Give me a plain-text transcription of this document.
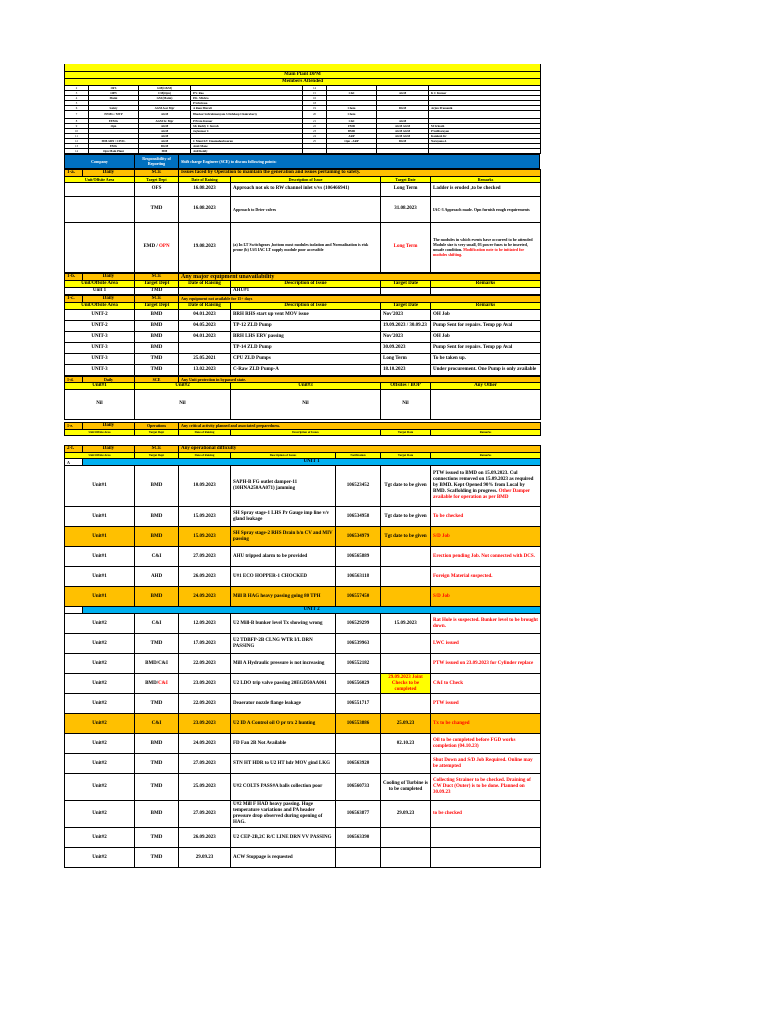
29-Sep-23

Main Plant DPM							
Members Attended							
2	OFS	GM(O&M)		14			
3	OPN	CM(Opn)	P.V. Rao	15	C&I	AGM	K C Kumar
4	Maint	GM (Maint)	P.K. Mishra	16			
5			P Srinivasa	18			
6	Safety	AGM Asst Mgr	A Ram Murali	19	Chem	DGM	Arjun Pramanik
7	EEMG / MTP	AGM	Bhaskar Subrahmanyam S Debdeep Chakraborty	20	Chem		
8	EEMG	AGM Sr. Mgr	P Prem Kumar	21	C&I	AGM	
9	Opn	AGM	SK Reddy C Suresh	22	FMD	AGM AGM	M Srinath
10		AGM	Jaykumar C	23	BMD	AGM AGM	P Subbarayan
11		AGM		24	ARP	AGM AGM	Kamlesh Kr
12	MM-SDN / CIVIL	AGM	C Mani KV Umamaheshwaran	25	Opn - ARP	DGM	Narayana A
13	EMG	DGM	Amit Mane				
14	Opn Main Plant	MM	Anil Reddy				
Company	Responsibility of Reporting	Shift charge Engineer (SCE) to discuss following points:
1-a.	Daily	SCE	Issues faced by Operation to maintain the generation and issues pertaining to safety.			
Unit/Offsite Area		Target Dept	Date of Raising	Description of Issue	Target Date	Remarks
		OFS	16.08.2023	Approach not ok to RW channel inlet v/vs (106466941)	Long Term	Ladder is eroded ,to be checked
		TMD	16.08.2023	Approach to Drier valves	31.08.2023	IAC-3 Approach made. Opn furnish rough requirements
		EMD / OPN	19.08.2023	(a) In LT Switchgears ,bottom most modules isolation and Normalisation is risk prone (b) U#3 IAC LT supply module poor accessible	Long Term	The modules in which events have occurred to be attended Module size is very small, 03 power fuses to be inserted, unsafe condition. Modification note to be initiated for modules shifting.
1-b.	Daily	SCE	Any major equipment unavailability			
Unit/Offsite Area		Target Dept	Date of Raising	Description of Issue	Target Date	Remarks
Unit 1		TMD		AHU#1		
1-c.	Daily	SCE	Any equipment not available for 15+ days			
Unit/Offsite Area		Target Dept	Date of Raising	Description of Issue	Target Date	Remarks
UNIT-2		BMD	04.01.2023	BRH RHS start up vent MOV issue	Nov'2023	OH Job
UNIT-2		BMD	04.05.2023	TP-12 ZLD Pump	19.09.2023 / 30.09.23	Pump Sent for repairs. Temp pp Aval
UNIT-3		BMD	04.01.2023	BRH LHS ERV passing	Nov'2023	OH Job
UNIT-3		BMD		TP-14 ZLD Pump	30.09.2023	Pump Sent for repairs. Temp pp Aval
UNIT-3		TMD	25.05.2021	CPU ZLD Pumps	Long Term	To be taken up.
UNIT-3		TMD	13.02.2023	C-Raw ZLD Pump-A	18.10.2023	Under procurement. One Pump is only available
1-d.	Daily	SCE	Any Unit protection in bypassed state.			
Unit#1		Unit#2		Unit#3	Offsites / BOP	Any Other
Nil		Nil		Nil	Nil	

1-e.	Daily	Operations	Any critical activity planned and associated preparedness.			
Unit/Offsite Area		Target Dept	Date of Raising	Description of Issues	Target Date	Remarks

2-f.	Daily	SCE	Any operational difficulty				
Unit/Offsite Area		Target Dept	Date of Raising	Description of Issues	Notification	Target Date	Remarks
A	UNIT 1						
Unit#1		BMD	10.09.2023	SAPH-B FG outlet damper-11 (10HNA250AA071) jamming	106523452	Tgt date to be given	PTW issued to BMD on 15.09.2023. Cul connections removed on 15.09.2023 as required by BMD. Kept Opened 90% from Local by BMD. Scaffolding in progress. Other Damper available for operation as per BMD
Unit#1		BMD	15.09.2023	SH Spray stage-1 LHS Pr Gauge imp line v/v gland leakage	106534958	Tgt date to be given	To be checked
Unit#1		BMD	15.09.2023	SH Spray stage-2 RHS Drain b/n CV and MIV passing	106534979	Tgt date to be given	S/D Job
Unit#1		C&I	27.09.2023	AHU tripped alarm to be provided	106565889		Erection pending Job. Not connected with DCS.
Unit#1		AHD	26.09.2023	U#1 ECO HOPPER-1 CHOCKED	106563118		Foreign Material suspected.
Unit#1		BMD	24.09.2023	Mill B HAG heavy passing going 80 TPH	106557450		S/D Job
	UNIT 2						
Unit#2		C&I	12.09.2023	U2 Mill-B bunker level Tx showing wrong	106529299	15.09.2023	Rat Hole is suspected. Bunker level to be brought down.
Unit#2		TMD	17.09.2023	U2 TDBFP-2B CLNG WTR I/L DRN PASSING	106539963		LWC issued
Unit#2		BMD/C&I	22.09.2023	Mill A Hydraulic pressure is not increasing	106552182		PTW issued on 23.09.2023 for Cylinder replace
Unit#2		BMD/C&I	23.09.2023	U2 LDO trip valve passing 20EGD50AA061	106556029	29.09.2023 Joint Checks to be completed	C&I to Check
Unit#2		TMD	22.09.2023	Deaerator nozzle flange leakage	106551717		PTW issued
Unit#2		C&I	23.09.2023	U2 ID A Control oil O pr trx 2 hunting	106553886	25.09.23	Tx to be changed
Unit#2		BMD	24.09.2023	FD Fan 2B Not Available		02.10.23	Oil to be completed before FGD works completion (04.10.23)
Unit#2		TMD	27.09.2023	STN HT HDR to U2 HT hdr MOV gind LKG	106563920		Shut Down and S/D Job Required. Online may be attempted
Unit#2		TMD	25.09.2023	U#2 COLTS PASS#A balls collection poor	106560733	Cooling of Turbine is to be completed	Collecting Strainer to be checked. Draining of CW Duct (Outer) is to be done. Planned on 30.09.23
Unit#2		BMD	27.09.2023	U#2 Mill F HAD heavy passing. Huge temperature variations and PA header pressure drop observed during opening of HAG.	106563877	29.09.23	to be checked
Unit#2		TMD	26.09.2023	U2 CEP-2B,2C R/C LINE DRN VV PASSING	106563390		
Unit#2		TMD	29.09.23	ACW Stoppage is requested			
